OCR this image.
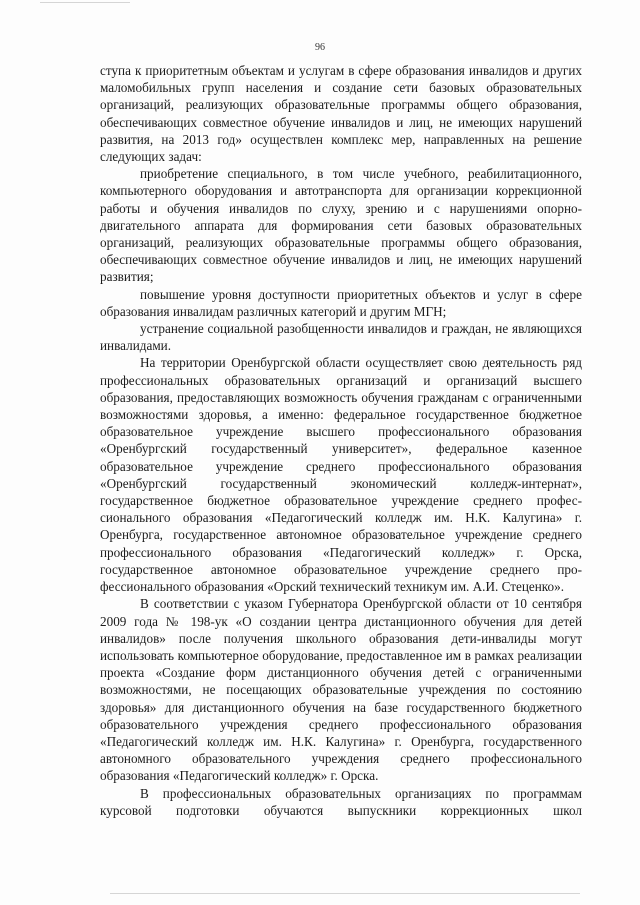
96

ступа к приоритетным объектам и услугам в сфере образования инвалидов и других маломобильных групп населения и создание сети базовых образовательных организаций, реализующих образовательные программы общего образования, обеспечивающих совместное обучение инвалидов и лиц, не имеющих нарушений развития, на 2013 год» осуществлен комплекс мер, направленных на решение следующих задач:

приобретение специального, в том числе учебного, реабилитационного, компьютерного оборудования и автотранспорта для организации коррекционной работы и обучения инвалидов по слуху, зрению и с нарушениями опорно-двигательного аппарата для формирования сети базовых образовательных организаций, реализующих образовательные программы общего образования, обеспечивающих совместное обучение инвалидов и лиц, не имеющих нарушений развития;

повышение уровня доступности приоритетных объектов и услуг в сфере образования инвалидам различных категорий и другим МГН;

устранение социальной разобщенности инвалидов и граждан, не являющихся инвалидами.

На территории Оренбургской области осуществляет свою деятельность ряд профессиональных образовательных организаций и организаций высшего образования, предоставляющих возможность обучения гражданам с ограниченными возможностями здоровья, а именно: федеральное государственное бюджетное образовательное учреждение высшего профессионального образования «Оренбургский государственный университет», федеральное казенное образовательное учреждение среднего профессионального образования «Оренбургский государственный экономический колледж-интернат», государственное бюджетное образовательное учреждение среднего профессионального образования «Педагогический колледж им. Н.К. Калугина» г. Оренбурга, государственное автономное образовательное учреждение среднего профессионального образования «Педагогический колледж» г. Орска, государственное автономное образовательное учреждение среднего профессионального образования «Орский технический техникум им. А.И. Стеценко».

В соответствии с указом Губернатора Оренбургской области от 10 сентября 2009 года № 198-ук «О создании центра дистанционного обучения для детей инвалидов» после получения школьного образования дети-инвалиды могут использовать компьютерное оборудование, предоставленное им в рамках реализации проекта «Создание форм дистанционного обучения детей с ограниченными возможностями, не посещающих образовательные учреждения по состоянию здоровья» для дистанционного обучения на базе государственного бюджетного образовательного учреждения среднего профессионального образования «Педагогический колледж им. Н.К. Калугина» г. Оренбурга, государственного автономного образовательного учреждения среднего профессионального образования «Педагогический колледж» г. Орска.

В профессиональных образовательных организациях по программам курсовой подготовки обучаются выпускники коррекционных школ
